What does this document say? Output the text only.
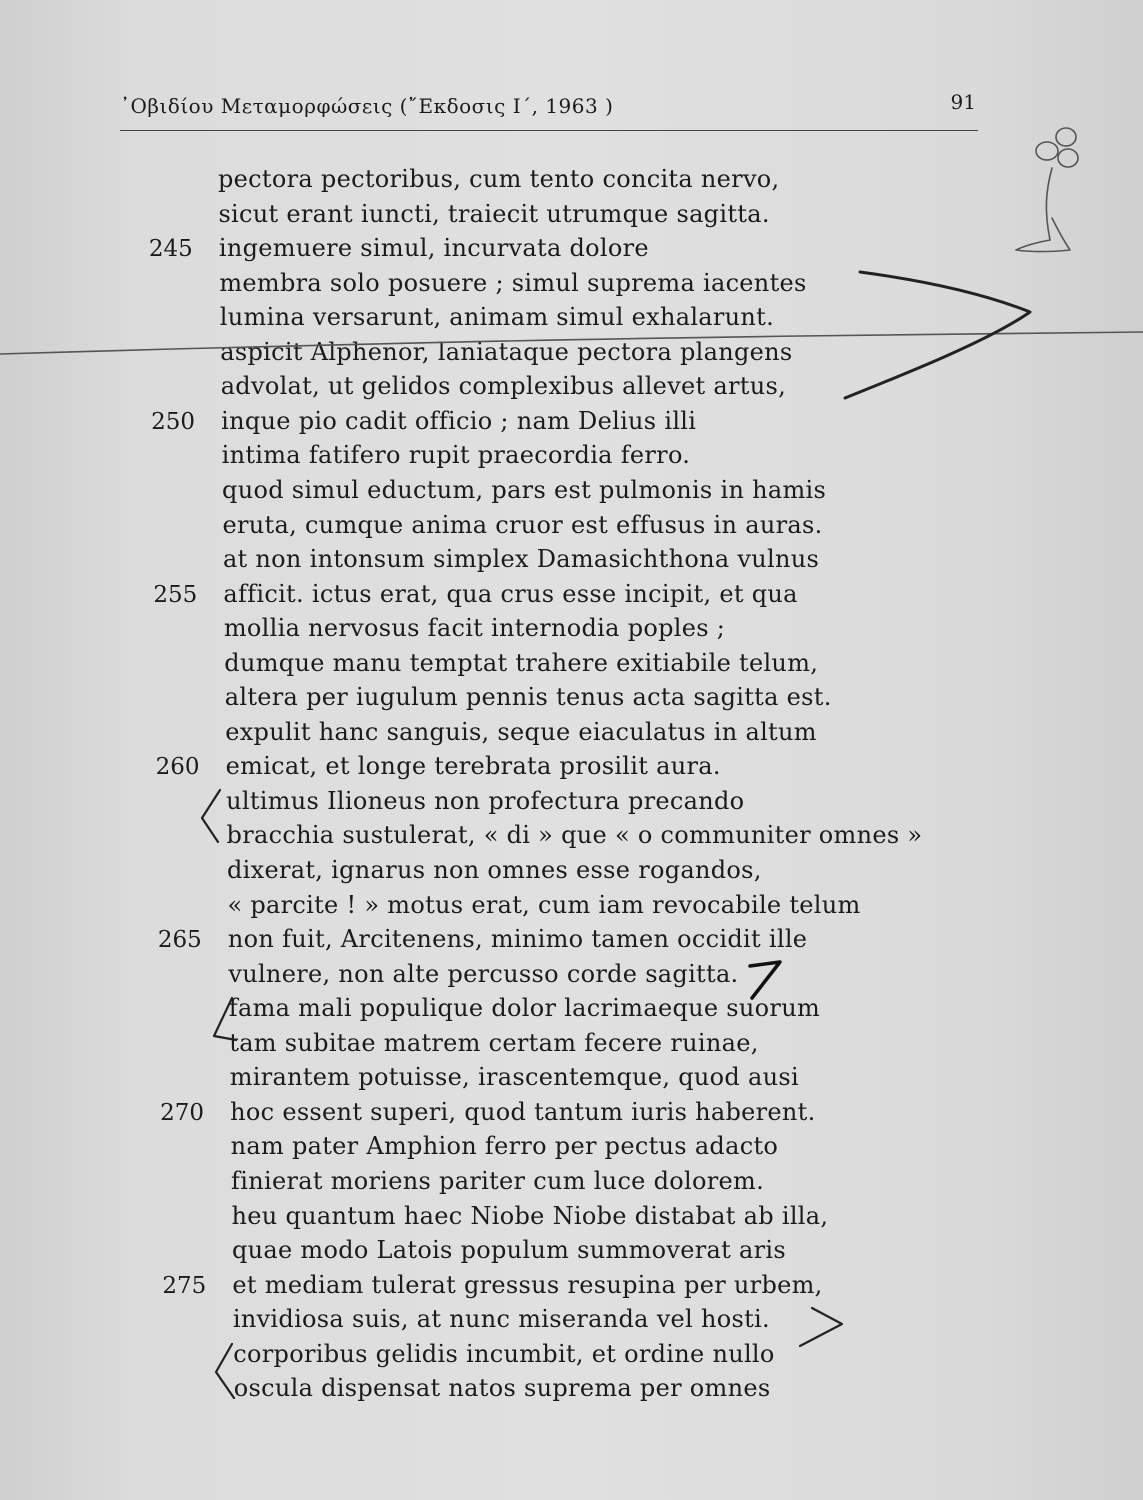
᾿Οβιδίου Μεταμορφώσεις (῎Εκδοσις Ι΄, 1963 )	91
pectora pectoribus, cum tento concita nervo,
sicut erant iuncti, traiecit utrumque sagitta.
245	ingemuere simul, incurvata dolore
membra solo posuere ; simul suprema iacentes
lumina versarunt, animam simul exhalarunt.
aspicit Alphenor, laniataque pectora plangens
advolat, ut gelidos complexibus allevet artus,
250	inque pio cadit officio ; nam Delius illi
intima fatifero rupit praecordia ferro.
quod simul eductum, pars est pulmonis in hamis
eruta, cumque anima cruor est effusus in auras.
at non intonsum simplex Damasichthona vulnus
255	afficit. ictus erat, qua crus esse incipit, et qua
mollia nervosus facit internodia poples ;
dumque manu temptat trahere exitiabile telum,
altera per iugulum pennis tenus acta sagitta est.
expulit hanc sanguis, seque eiaculatus in altum
260	emicat, et longe terebrata prosilit aura.
ultimus Ilioneus non profectura precando
bracchia sustulerat, « di » que « o communiter omnes »
dixerat, ignarus non omnes esse rogandos,
« parcite ! » motus erat, cum iam revocabile telum
265	non fuit, Arcitenens, minimo tamen occidit ille
vulnere, non alte percusso corde sagitta.
fama mali populique dolor lacrimaeque suorum
tam subitae matrem certam fecere ruinae,
mirantem potuisse, irascentemque, quod ausi
270	hoc essent superi, quod tantum iuris haberent.
nam pater Amphion ferro per pectus adacto
finierat moriens pariter cum luce dolorem.
heu quantum haec Niobe Niobe distabat ab illa,
quae modo Latois populum summoverat aris
275	et mediam tulerat gressus resupina per urbem,
invidiosa suis, at nunc miseranda vel hosti.
corporibus gelidis incumbit, et ordine nullo
oscula dispensat natos suprema per omnes
